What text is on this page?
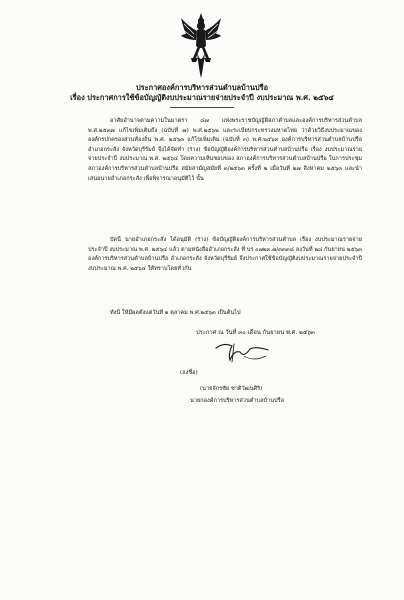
ประกาศองค์การบริหารส่วนตำบลบ้านปรือ
เรื่อง ประกาศการใช้ข้อบัญญัติงบประมาณรายจ่ายประจำปี งบประมาณ พ.ศ. ๒๕๖๔
อาศัยอำนาจตามความในมาตรา ๘๗ แห่งพระราชบัญญัติสภาตำบลและองค์การบริหารส่วนตำบล พ.ศ.๒๕๓๗ แก้ไขเพิ่มเติมถึง (ฉบับที่ ๗) พ.ศ.๒๕๖๒ และระเบียบกระทรวงมหาดไทย ว่าด้วยวิธีงบประมาณขององค์กรปกครองส่วนท้องถิ่น พ.ศ. ๒๕๖๓ แก้ไขเพิ่มเติม (ฉบับที่ ๓) พ.ศ.๒๕๖๓ องค์การบริหารส่วนตำบลบ้านปรือ อำเภอกระสัง จังหวัดบุรีรัมย์ จึงได้จัดทำ (ร่าง) ข้อบัญญัติองค์การบริหารส่วนตำบลบ้านปรือ เรื่อง งบประมาณรายจ่ายประจำปี งบประมาณ พ.ศ. ๒๕๖๔ โดยความเห็นชอบของ สภาองค์การบริหารส่วนตำบลบ้านปรือ ในการประชุมสภาองค์การบริหารส่วนตำบลบ้านปรือ สมัยสามัญสมัยที่ ๓/๒๕๖๓ ครั้งที่ ๒ เมื่อวันที่ ๒๗ สิงหาคม ๒๕๖๓ และนำเสนอนายอำเภอกระสัง เพื่อพิจารณาอนุมัติไว้ นั้น
บัดนี้ นายอำเภอกระสัง ได้อนุมัติ (ร่าง) ข้อบัญญัติองค์การบริหารส่วนตำบล เรื่อง งบประมาณรายจ่ายประจำปี งบประมาณ พ.ศ. ๒๕๖๔ แล้ว ตามหนังสืออำเภอกระสัง ที่ บร ๐๗๒๓.๗/๓๓๓๘ ลงวันที่ ๒๘ กันยายน ๒๕๖๓ องค์การบริหารส่วนตำบลบ้านปรือ อำเภอกระสัง จังหวัดบุรีรัมย์ จึงประกาศใช้ข้อบัญญัติงบประมาณรายจ่ายประจำปี งบประมาณ พ.ศ. ๒๕๖๔ ให้ทราบโดยทั่วกัน
ทั้งนี้ ให้มีผลตั้งแต่วันที่ ๑ ตุลาคม พ.ศ.๒๕๖๓ เป็นต้นไป
ประกาศ ณ วันที่ ๓๐ เดือน กันยายน พ.ศ. ๒๕๖๓
(ลงชื่อ)
(นายจักรชัย ชาติวัฒนศิริ)
นายกองค์การบริหารส่วนตำบลบ้านปรือ
